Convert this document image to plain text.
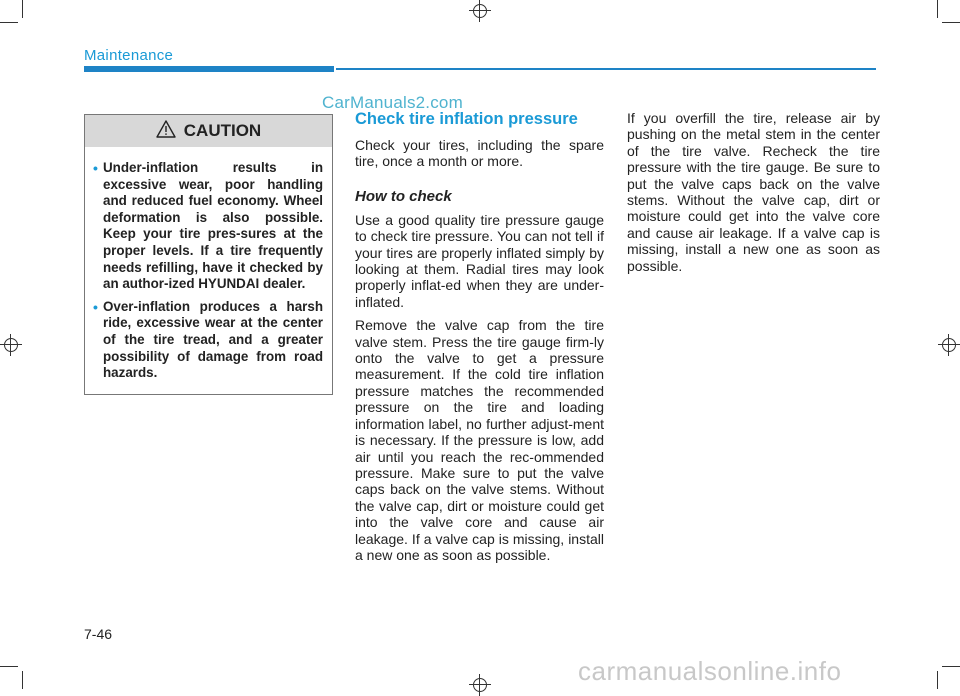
Maintenance
CarManuals2.com
CAUTION
• Under-inflation results in excessive wear, poor handling and reduced fuel economy. Wheel deformation is also possible. Keep your tire pres-sures at the proper levels. If a tire frequently needs refilling, have it checked by an author-ized HYUNDAI dealer.
• Over-inflation produces a harsh ride, excessive wear at the center of the tire tread, and a greater possibility of damage from road hazards.
Check tire inflation pressure

Check your tires, including the spare tire, once a month or more.

How to check

Use a good quality tire pressure gauge to check tire pressure. You can not tell if your tires are properly inflated simply by looking at them. Radial tires may look properly inflat-ed when they are under-inflated.

Remove the valve cap from the tire valve stem. Press the tire gauge firm-ly onto the valve to get a pressure measurement. If the cold tire inflation pressure matches the recommended pressure on the tire and loading information label, no further adjust-ment is necessary. If the pressure is low, add air until you reach the rec-ommended pressure. Make sure to put the valve caps back on the valve stems. Without the valve cap, dirt or moisture could get into the valve core and cause air leakage. If a valve cap is missing, install a new one as soon as possible.

If you overfill the tire, release air by pushing on the metal stem in the center of the tire valve. Recheck the tire pressure with the tire gauge. Be sure to put the valve caps back on the valve stems. Without the valve cap, dirt or moisture could get into the valve core and cause air leakage. If a valve cap is missing, install a new one as soon as possible.

7-46
carmanualsonline.info
